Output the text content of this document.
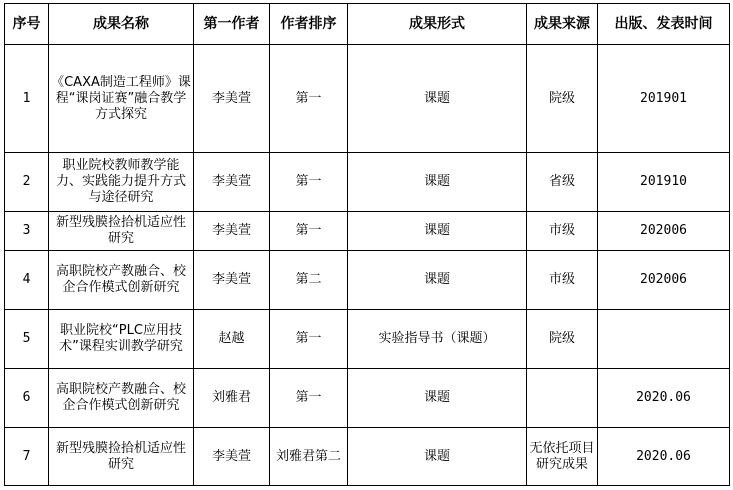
序号	成果名称	第一作者	作者排序	成果形式	成果来源	出版、发表时间
1	《CAXA制造工程师》课程“课岗证赛”融合教学方式探究	李美萱	第一	课题	院级	201901
2	职业院校教师教学能力、实践能力提升方式与途径研究	李美萱	第一	课题	省级	201910
3	新型残膜捡拾机适应性研究	李美萱	第一	课题	市级	202006
4	高职院校产教融合、校企合作模式创新研究	李美萱	第二	课题	市级	202006
5	职业院校“PLC应用技术”课程实训教学研究	赵越	第一	实验指导书（课题）	院级	
6	高职院校产教融合、校企合作模式创新研究	刘雅君	第一	课题		2020.06
7	新型残膜捡拾机适应性研究	李美萱	刘雅君第二	课题	无依托项目研究成果	2020.06
